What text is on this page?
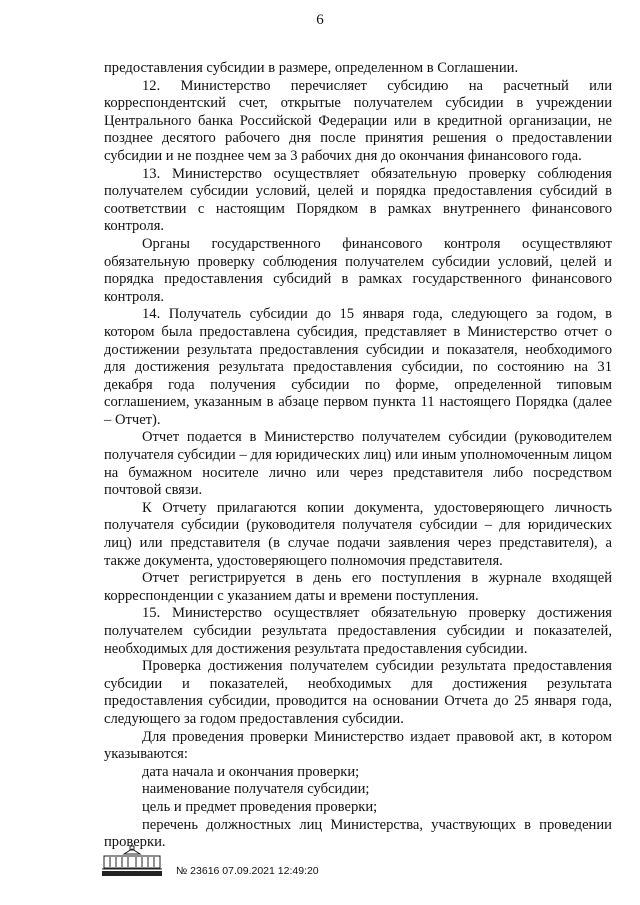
6

предоставления субсидии в размере, определенном в Соглашении.

12. Министерство перечисляет субсидию на расчетный или корреспондентский счет, открытые получателем субсидии в учреждении Центрального банка Российской Федерации или в кредитной организации, не позднее десятого рабочего дня после принятия решения о предоставлении субсидии и не позднее чем за 3 рабочих дня до окончания финансового года.

13. Министерство осуществляет обязательную проверку соблюдения получателем субсидии условий, целей и порядка предоставления субсидий в соответствии с настоящим Порядком в рамках внутреннего финансового контроля.

Органы государственного финансового контроля осуществляют обязательную проверку соблюдения получателем субсидии условий, целей и порядка предоставления субсидий в рамках государственного финансового контроля.

14. Получатель субсидии до 15 января года, следующего за годом, в котором была предоставлена субсидия, представляет в Министерство отчет о достижении результата предоставления субсидии и показателя, необходимого для достижения результата предоставления субсидии, по состоянию на 31 декабря года получения субсидии по форме, определенной типовым соглашением, указанным в абзаце первом пункта 11 настоящего Порядка (далее – Отчет).

Отчет подается в Министерство получателем субсидии (руководителем получателя субсидии – для юридических лиц) или иным уполномоченным лицом на бумажном носителе лично или через представителя либо посредством почтовой связи.

К Отчету прилагаются копии документа, удостоверяющего личность получателя субсидии (руководителя получателя субсидии – для юридических лиц) или представителя (в случае подачи заявления через представителя), а также документа, удостоверяющего полномочия представителя.

Отчет регистрируется в день его поступления в журнале входящей корреспонденции с указанием даты и времени поступления.

15. Министерство осуществляет обязательную проверку достижения получателем субсидии результата предоставления субсидии и показателей, необходимых для достижения результата предоставления субсидии.

Проверка достижения получателем субсидии результата предоставления субсидии и показателей, необходимых для достижения результата предоставления субсидии, проводится на основании Отчета до 25 января года, следующего за годом предоставления субсидии.

Для проведения проверки Министерство издает правовой акт, в котором указываются:

дата начала и окончания проверки;
наименование получателя субсидии;
цель и предмет проведения проверки;
перечень должностных лиц Министерства, участвующих в проведении проверки.
№ 23616 07.09.2021 12:49:20
